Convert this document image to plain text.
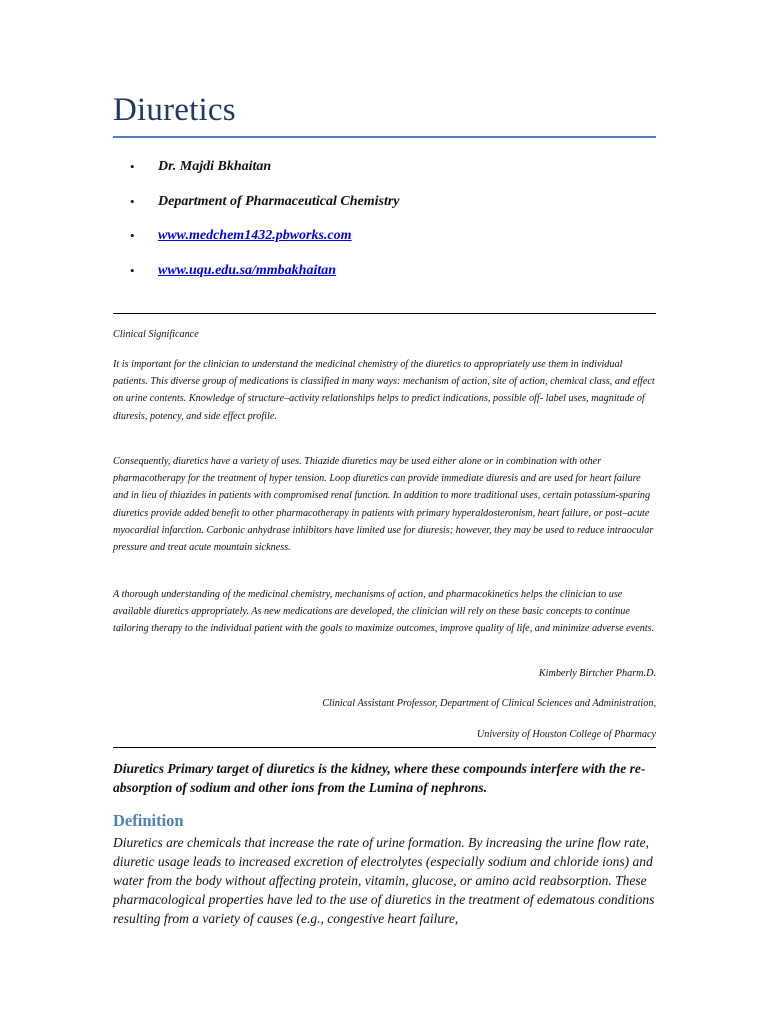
Diuretics
• Dr. Majdi Bkhaitan
• Department of Pharmaceutical Chemistry
• www.medchem1432.pbworks.com
• www.uqu.edu.sa/mmbakhaitan

Clinical Significance

It is important for the clinician to understand the medicinal chemistry of the diuretics to appropriately use them in individual patients. This diverse group of medications is classified in many ways: mechanism of action, site of action, chemical class, and effect on urine contents. Knowledge of structure‒activity relationships helps to predict indications, possible off- label uses, magnitude of diuresis, potency, and side effect profile.

Consequently, diuretics have a variety of uses. Thiazide diuretics may be used either alone or in combination with other pharmacotherapy for the treatment of hyper tension. Loop diuretics can provide immediate diuresis and are used for heart failure and in lieu of thiazides in patients with compromised renal function. In addition to more traditional uses, certain potassium-sparing diuretics provide added benefit to other pharmacotherapy in patients with primary hyperaldosteronism, heart failure, or post‒acute myocardial infarction. Carbonic anhydrase inhibitors have limited use for diuresis; however, they may be used to reduce intraocular pressure and treat acute mountain sickness.

A thorough understanding of the medicinal chemistry, mechanisms of action, and pharmacokinetics helps the clinician to use available diuretics appropriately. As new medications are developed, the clinician will rely on these basic concepts to continue tailoring therapy to the individual patient with the goals to maximize outcomes, improve quality of life, and minimize adverse events.

Kimberly Birtcher Pharm.D.

Clinical Assistant Professor, Department of Clinical Sciences and Administration,

University of Houston College of Pharmacy

Diuretics Primary target of diuretics is the kidney, where these compounds interfere with the re-absorption of sodium and other ions from the Lumina of nephrons.

Definition

Diuretics are chemicals that increase the rate of urine formation. By increasing the urine flow rate, diuretic usage leads to increased excretion of electrolytes (especially sodium and chloride ions) and water from the body without affecting protein, vitamin, glucose, or amino acid reabsorption. These pharmacological properties have led to the use of diuretics in the treatment of edematous conditions resulting from a variety of causes (e.g., congestive heart failure,
